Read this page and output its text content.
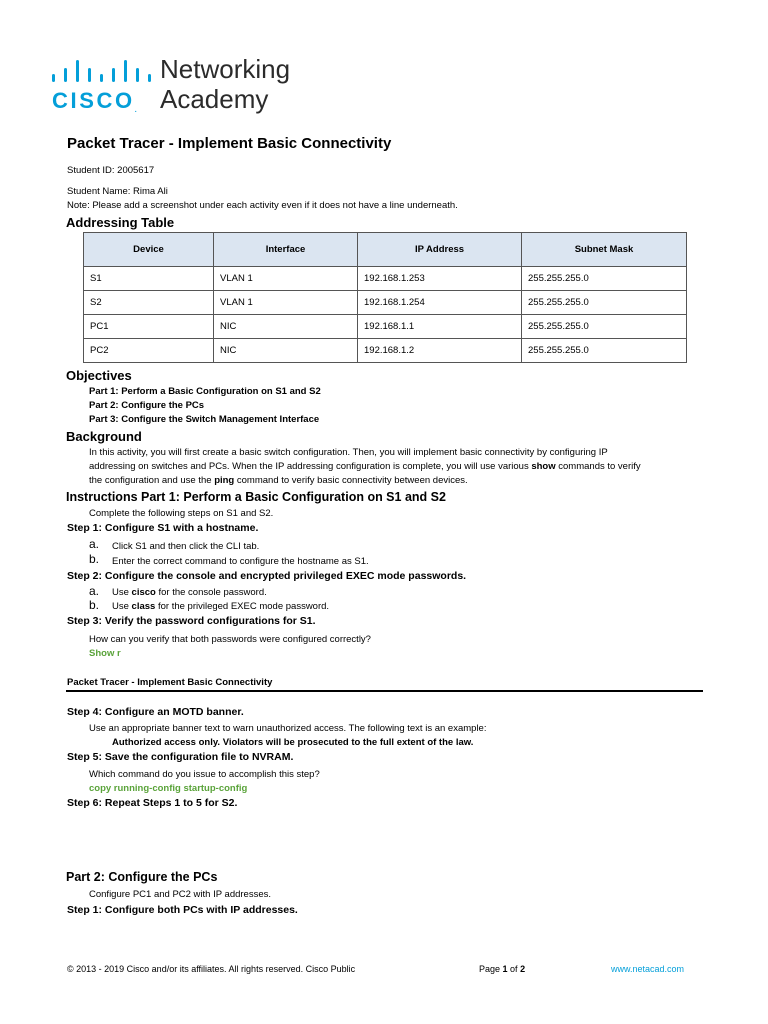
CISCO.
Networking
Academy
Packet Tracer - Implement Basic Connectivity
Student ID: 2005617
Student Name: Rima Ali
Note: Please add a screenshot under each activity even if it does not have a line underneath.
Addressing Table
Device	Interface	IP Address	Subnet Mask
S1	VLAN 1	192.168.1.253	255.255.255.0
S2	VLAN 1	192.168.1.254	255.255.255.0
PC1	NIC	192.168.1.1	255.255.255.0
PC2	NIC	192.168.1.2	255.255.255.0
Objectives
Part 1: Perform a Basic Configuration on S1 and S2
Part 2: Configure the PCs
Part 3: Configure the Switch Management Interface
Background
In this activity, you will first create a basic switch configuration. Then, you will implement basic connectivity by configuring IP
addressing on switches and PCs. When the IP addressing configuration is complete, you will use various show commands to verify
the configuration and use the ping command to verify basic connectivity between devices.
Instructions Part 1: Perform a Basic Configuration on S1 and S2
Complete the following steps on S1 and S2.
Step 1: Configure S1 with a hostname.
a. Click S1 and then click the CLI tab.
b. Enter the correct command to configure the hostname as S1.
Step 2: Configure the console and encrypted privileged EXEC mode passwords.
a. Use cisco for the console password.
b. Use class for the privileged EXEC mode password.
Step 3: Verify the password configurations for S1.
How can you verify that both passwords were configured correctly?
Show r
Packet Tracer - Implement Basic Connectivity
Step 4: Configure an MOTD banner.
Use an appropriate banner text to warn unauthorized access. The following text is an example:
Authorized access only. Violators will be prosecuted to the full extent of the law.
Step 5: Save the configuration file to NVRAM.
Which command do you issue to accomplish this step?
copy running-config startup-config
Step 6: Repeat Steps 1 to 5 for S2.
Part 2: Configure the PCs
Configure PC1 and PC2 with IP addresses.
Step 1: Configure both PCs with IP addresses.
© 2013 - 2019 Cisco and/or its affiliates. All rights reserved. Cisco Public	Page 1 of 2	www.netacad.com
